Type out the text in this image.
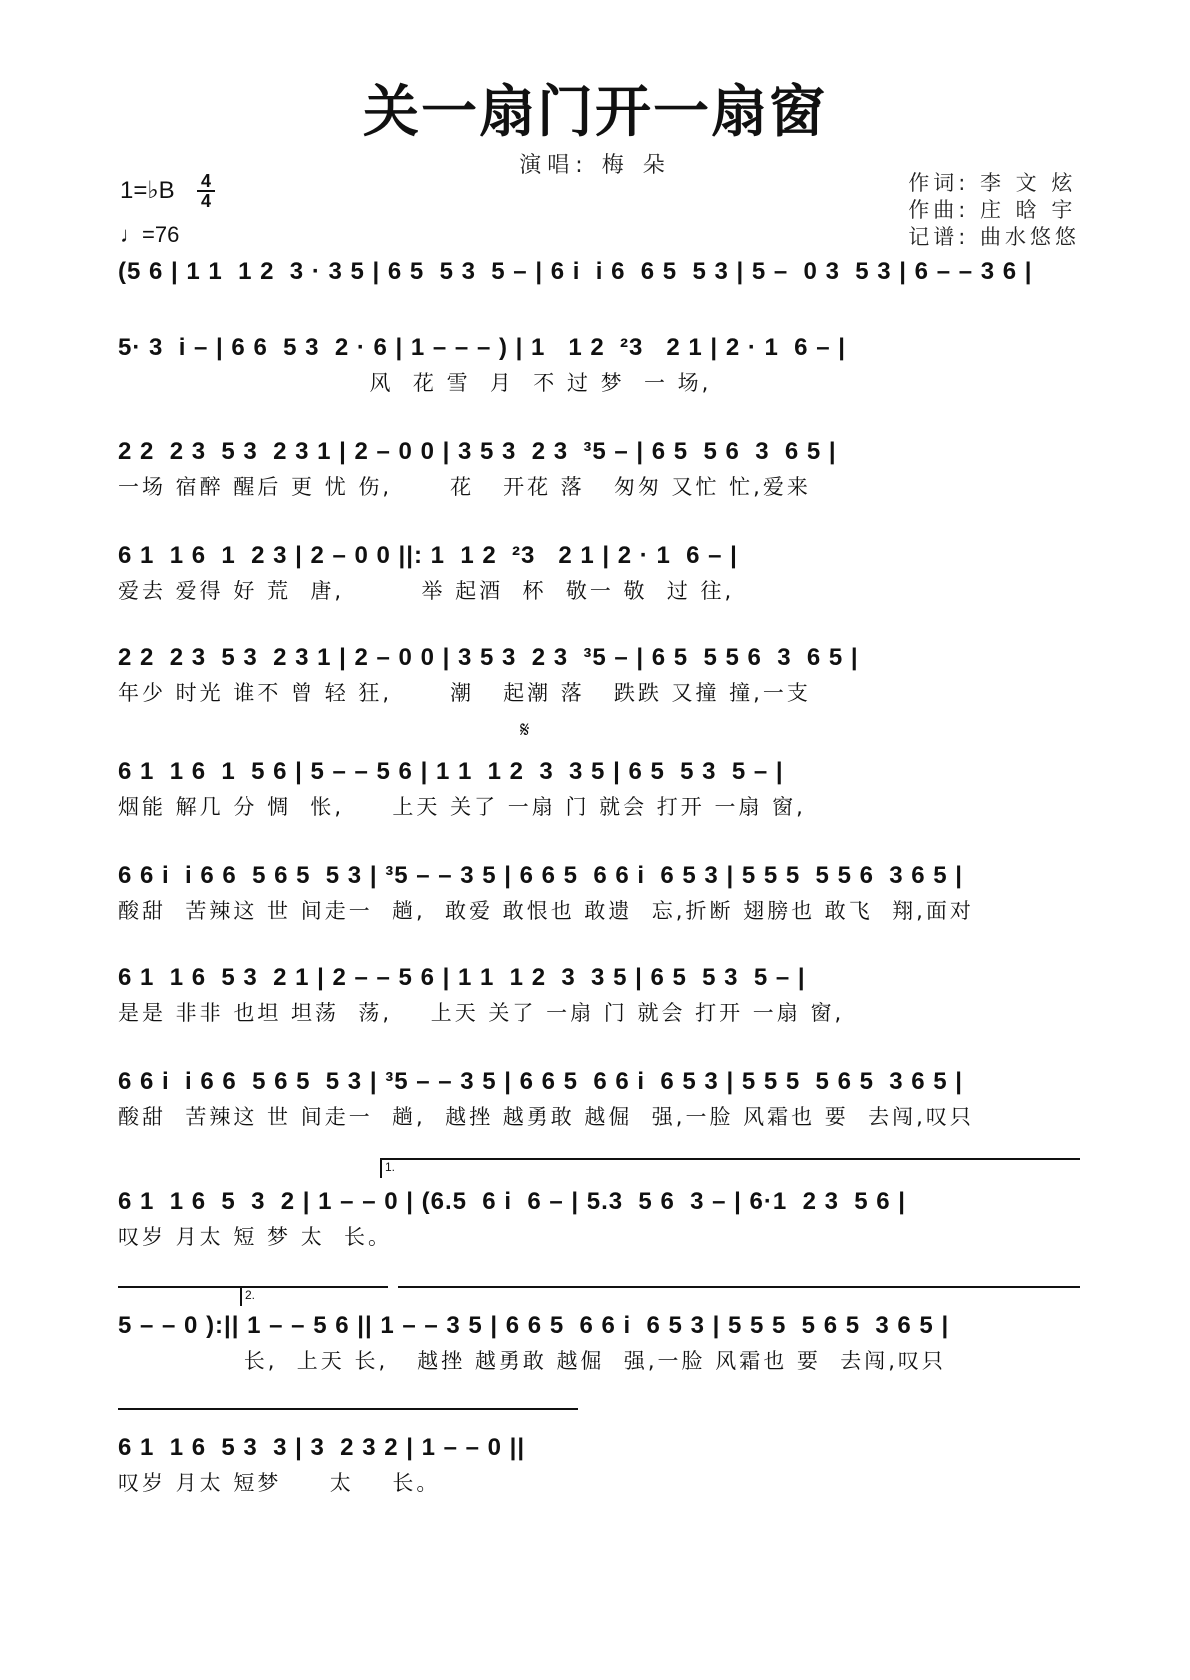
关一扇门开一扇窗
演唱: 梅 朵
1=♭B	4
4
♩=76
作词: 李 文 炫
作曲: 庄 晗 宇
记谱: 曲水悠悠
(5 6 | 1 1  1 2  3 · 3 5 | 6 5  5 3  5 – | 6 i  i 6  6 5  5 3 | 5 –  0 3  5 3 | 6 – – 3 6 |
5· 3  i – | 6 6  5 3  2 · 6 | 1 – – – ) | 1   1 2  ²3   2 1 | 2 · 1  6 – |
风  花 雪  月  不 过 梦  一 场,
2 2  2 3  5 3  2 3 1 | 2 – 0 0 | 3 5 3  2 3  ³5 – | 6 5  5 6  3  6 5 |
一场 宿醉 醒后 更 忧 伤,      花   开花 落   匆匆 又忙 忙,爱来
6 1  1 6  1  2 3 | 2 – 0 0 ||: 1  1 2  ²3   2 1 | 2 · 1  6 – |
爱去 爱得 好 荒  唐,        举 起酒  杯  敬一 敬  过 往,
2 2  2 3  5 3  2 3 1 | 2 – 0 0 | 3 5 3  2 3  ³5 – | 6 5  5 5 6  3  6 5 |
年少 时光 谁不 曾 轻 狂,      潮   起潮 落   跌跌 又撞 撞,一支
𝄋
6 1  1 6  1  5 6 | 5 – – 5 6 | 1 1  1 2  3  3 5 | 6 5  5 3  5 – |
烟能 解几 分 惆  怅,     上天 关了 一扇 门 就会 打开 一扇 窗,
6 6 i  i 6 6  5 6 5  5 3 | ³5 – – 3 5 | 6 6 5  6 6 i  6 5 3 | 5 5 5  5 5 6  3 6 5 |
酸甜  苦辣这 世 间走一  趟,  敢爱 敢恨也 敢遗  忘,折断 翅膀也 敢飞  翔,面对
6 1  1 6  5 3  2 1 | 2 – – 5 6 | 1 1  1 2  3  3 5 | 6 5  5 3  5 – |
是是 非非 也坦 坦荡  荡,    上天 关了 一扇 门 就会 打开 一扇 窗,
6 6 i  i 6 6  5 6 5  5 3 | ³5 – – 3 5 | 6 6 5  6 6 i  6 5 3 | 5 5 5  5 6 5  3 6 5 |
酸甜  苦辣这 世 间走一  趟,  越挫 越勇敢 越倔  强,一脸 风霜也 要  去闯,叹只
1.
6 1  1 6  5  3  2 | 1 – – 0 | (6.5  6 i  6 – | 5.3  5 6  3 – | 6·1  2 3  5 6 |
叹岁 月太 短 梦 太  长。
2.
5 – – 0 ):|| 1 – – 5 6 || 1 – – 3 5 | 6 6 5  6 6 i  6 5 3 | 5 5 5  5 6 5  3 6 5 |
长,  上天 长,   越挫 越勇敢 越倔  强,一脸 风霜也 要  去闯,叹只
6 1  1 6  5 3  3 | 3  2 3 2 | 1 – – 0 ||
叹岁 月太 短梦     太    长。
